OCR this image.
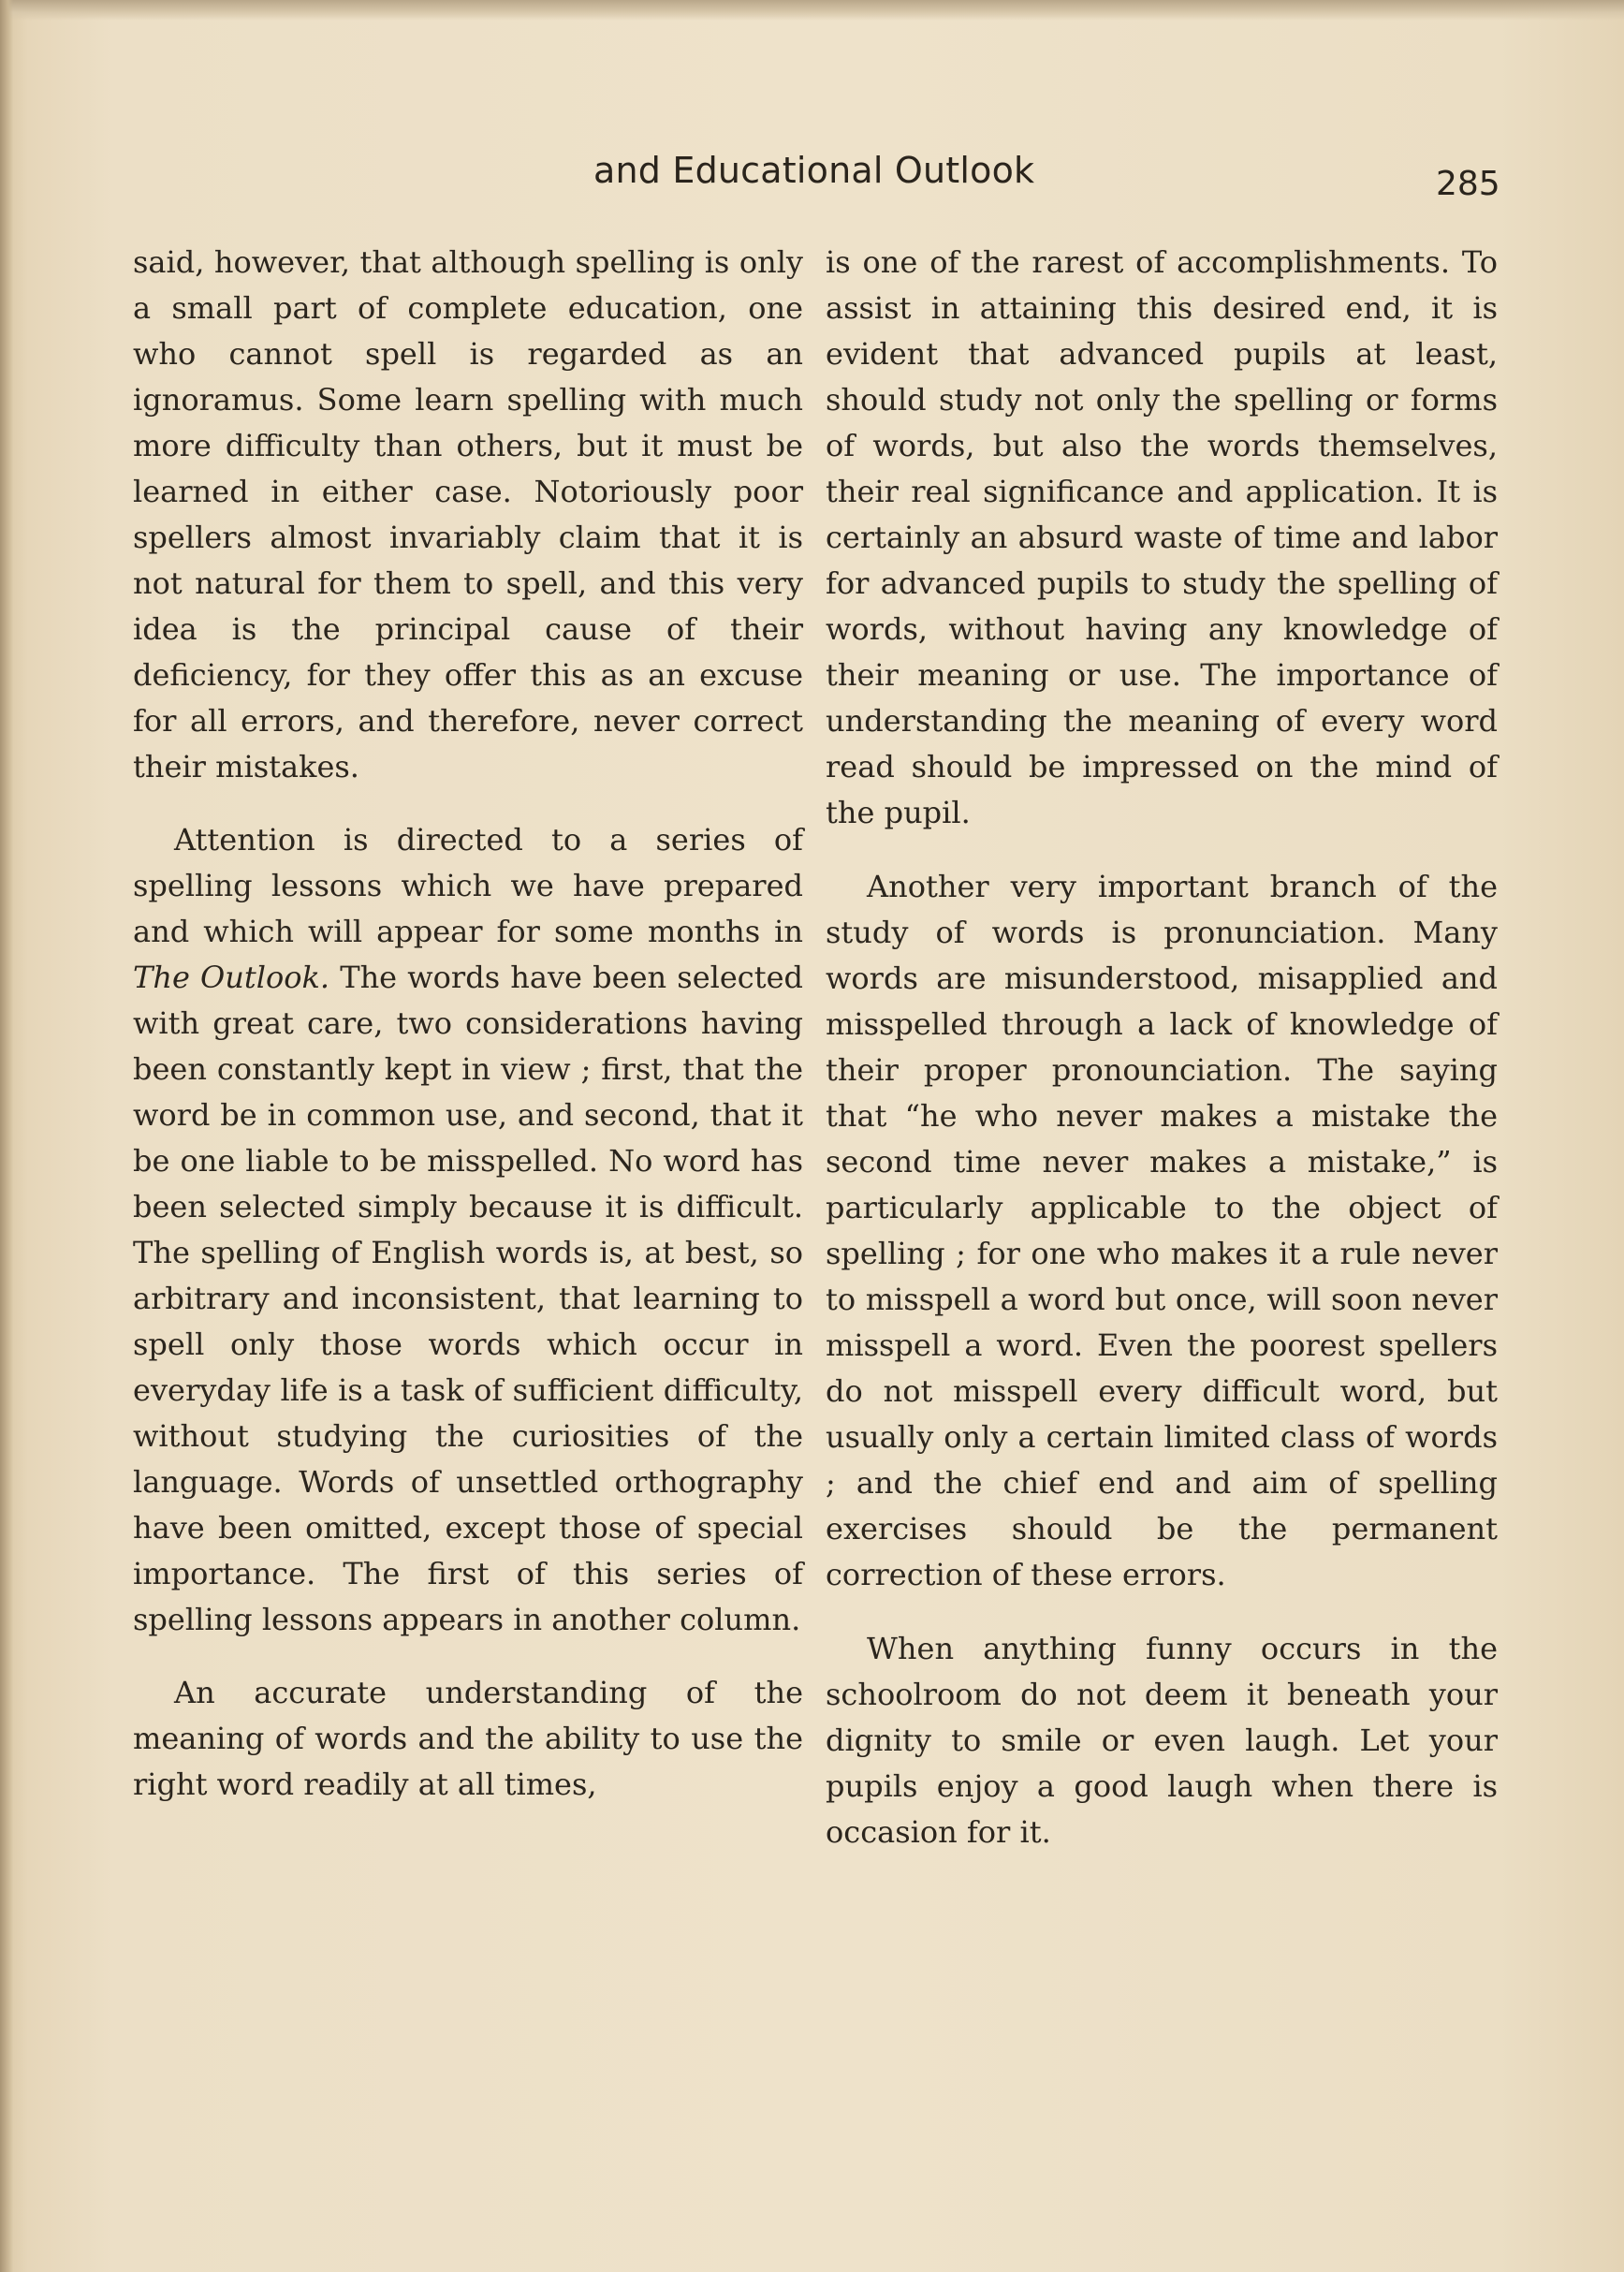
and Educational Outlook	285

said, however, that although spelling is only a small part of complete education, one who cannot spell is regarded as an ignoramus. Some learn spelling with much more difficulty than others, but it must be learned in either case. Notoriously poor spellers almost invariably claim that it is not natural for them to spell, and this very idea is the principal cause of their deficiency, for they offer this as an excuse for all errors, and therefore, never correct their mistakes.

Attention is directed to a series of spelling lessons which we have prepared and which will appear for some months in The Outlook. The words have been selected with great care, two considerations having been constantly kept in view ; first, that the word be in common use, and second, that it be one liable to be misspelled. No word has been selected simply because it is difficult. The spelling of English words is, at best, so arbitrary and inconsistent, that learning to spell only those words which occur in everyday life is a task of sufficient difficulty, without studying the curiosities of the language. Words of unsettled orthography have been omitted, except those of special importance. The first of this series of spelling lessons appears in another column.

An accurate understanding of the meaning of words and the ability to use the right word readily at all times,

is one of the rarest of accomplishments. To assist in attaining this desired end, it is evident that advanced pupils at least, should study not only the spelling or forms of words, but also the words themselves, their real significance and application. It is certainly an absurd waste of time and labor for advanced pupils to study the spelling of words, without having any knowledge of their meaning or use. The importance of understanding the meaning of every word read should be impressed on the mind of the pupil.

Another very important branch of the study of words is pronunciation. Many words are misunderstood, misapplied and misspelled through a lack of knowledge of their proper pronounciation. The saying that “he who never makes a mistake the second time never makes a mistake,” is particularly applicable to the object of spelling ; for one who makes it a rule never to misspell a word but once, will soon never misspell a word. Even the poorest spellers do not misspell every difficult word, but usually only a certain limited class of words ; and the chief end and aim of spelling exercises should be the permanent correction of these errors.

When anything funny occurs in the schoolroom do not deem it beneath your dignity to smile or even laugh. Let your pupils enjoy a good laugh when there is occasion for it.
